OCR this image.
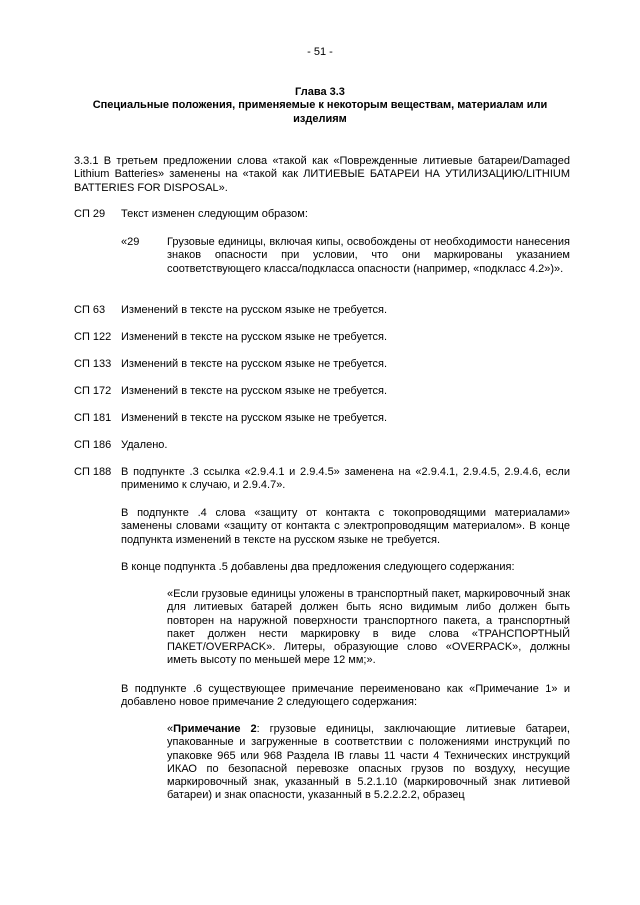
- 51 -
Глава 3.3
Специальные положения, применяемые к некоторым веществам, материалам или изделиям
3.3.1 В третьем предложении слова «такой как «Поврежденные литиевые батареи/Damaged Lithium Batteries» заменены на «такой как ЛИТИЕВЫЕ БАТАРЕИ НА УТИЛИЗАЦИЮ/LITHIUM BATTERIES FOR DISPOSAL».
СП 29 Текст изменен следующим образом:
«29	Грузовые единицы, включая кипы, освобождены от необходимости нанесения знаков опасности при условии, что они маркированы указанием соответствующего класса/подкласса опасности (например, «подкласс 4.2»)».
СП 63 Изменений в тексте на русском языке не требуется.
СП 122 Изменений в тексте на русском языке не требуется.
СП 133 Изменений в тексте на русском языке не требуется.
СП 172 Изменений в тексте на русском языке не требуется.
СП 181 Изменений в тексте на русском языке не требуется.
СП 186 Удалено.
СП 188 В подпункте .3 ссылка «2.9.4.1 и 2.9.4.5» заменена на «2.9.4.1, 2.9.4.5, 2.9.4.6, если применимо к случаю, и 2.9.4.7».
В подпункте .4 слова «защиту от контакта с токопроводящими материалами» заменены словами «защиту от контакта с электропроводящим материалом». В конце подпункта изменений в тексте на русском языке не требуется.
В конце подпункта .5 добавлены два предложения следующего содержания:
«Если грузовые единицы уложены в транспортный пакет, маркировочный знак для литиевых батарей должен быть ясно видимым либо должен быть повторен на наружной поверхности транспортного пакета, а транспортный пакет должен нести маркировку в виде слова «ТРАНСПОРТНЫЙ ПАКЕТ/OVERPACK». Литеры, образующие слово «OVERPACK», должны иметь высоту по меньшей мере 12 мм;».
В подпункте .6 существующее примечание переименовано как «Примечание 1» и добавлено новое примечание 2 следующего содержания:
«Примечание 2: грузовые единицы, заключающие литиевые батареи, упакованные и загруженные в соответствии с положениями инструкций по упаковке 965 или 968 Раздела IB главы 11 части 4 Технических инструкций ИКАО по безопасной перевозке опасных грузов по воздуху, несущие маркировочный знак, указанный в 5.2.1.10 (маркировочный знак литиевой батареи) и знак опасности, указанный в 5.2.2.2.2, образец
